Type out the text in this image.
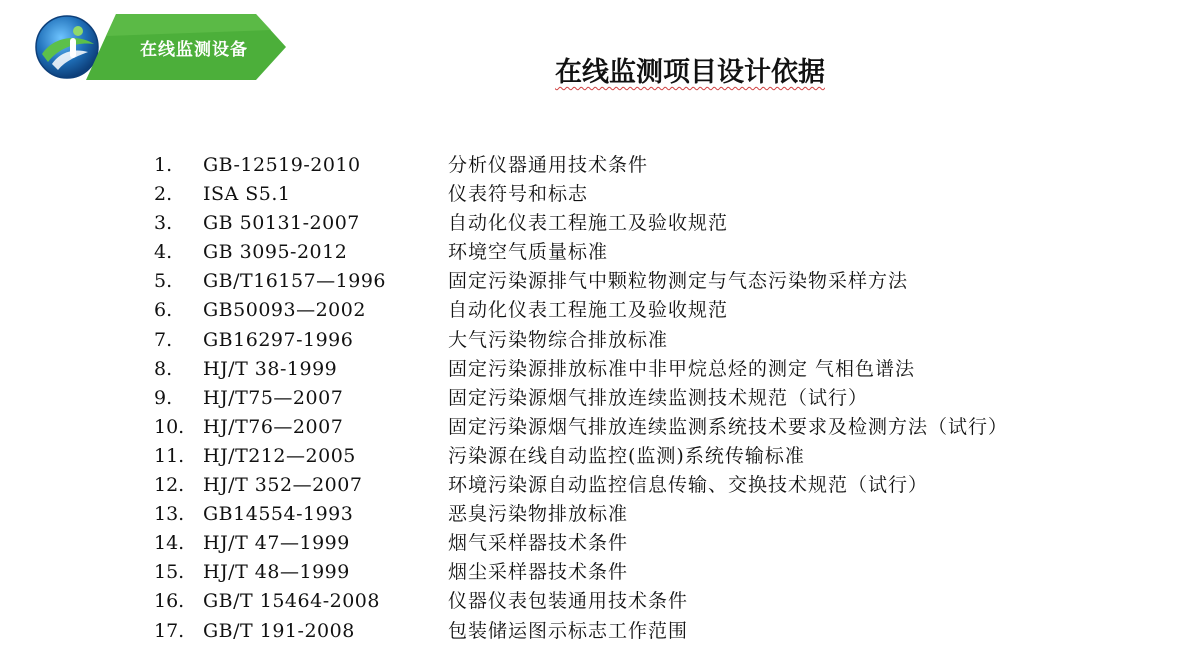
在线监测设备
在线监测项目设计依据
1. GB-12519-2010	分析仪器通用技术条件
2. ISA S5.1	仪表符号和标志
3. GB 50131-2007	自动化仪表工程施工及验收规范
4. GB 3095-2012	环境空气质量标准
5. GB/T16157—1996	固定污染源排气中颗粒物测定与气态污染物采样方法
6. GB50093—2002	自动化仪表工程施工及验收规范
7. GB16297-1996	大气污染物综合排放标准
8. HJ/T 38-1999	固定污染源排放标准中非甲烷总烃的测定 气相色谱法
9. HJ/T75—2007	固定污染源烟气排放连续监测技术规范（试行）
10. HJ/T76—2007	固定污染源烟气排放连续监测系统技术要求及检测方法（试行）
11. HJ/T212—2005	污染源在线自动监控(监测)系统传输标准
12. HJ/T 352—2007	环境污染源自动监控信息传输、交换技术规范（试行）
13. GB14554-1993	恶臭污染物排放标准
14. HJ/T 47—1999	烟气采样器技术条件
15. HJ/T 48—1999	烟尘采样器技术条件
16. GB/T 15464-2008	仪器仪表包装通用技术条件
17. GB/T 191-2008	包装储运图示标志工作范围
